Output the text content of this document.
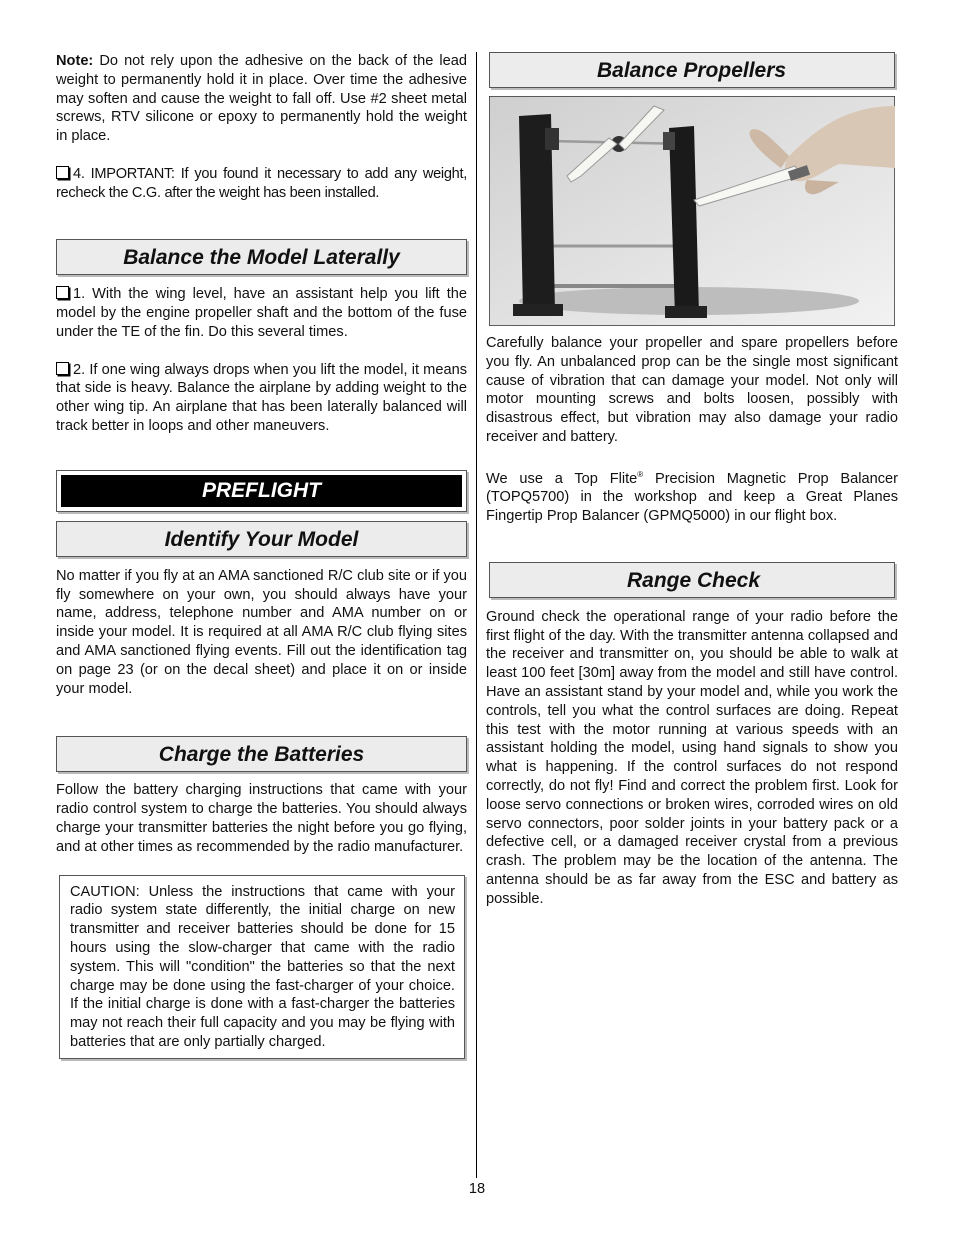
Note: Do not rely upon the adhesive on the back of the lead weight to permanently hold it in place. Over time the adhesive may soften and cause the weight to fall off. Use #2 sheet metal screws, RTV silicone or epoxy to permanently hold the weight in place.

4. IMPORTANT: If you found it necessary to add any weight, recheck the C.G. after the weight has been installed.

Balance the Model Laterally

1. With the wing level, have an assistant help you lift the model by the engine propeller shaft and the bottom of the fuse under the TE of the fin. Do this several times.

2. If one wing always drops when you lift the model, it means that side is heavy. Balance the airplane by adding weight to the other wing tip. An airplane that has been laterally balanced will track better in loops and other maneuvers.

PREFLIGHT
Identify Your Model

No matter if you fly at an AMA sanctioned R/C club site or if you fly somewhere on your own, you should always have your name, address, telephone number and AMA number on or inside your model. It is required at all AMA R/C club flying sites and AMA sanctioned flying events. Fill out the identification tag on page 23 (or on the decal sheet) and place it on or inside your model.

Charge the Batteries

Follow the battery charging instructions that came with your radio control system to charge the batteries. You should always charge your transmitter batteries the night before you go flying, and at other times as recommended by the radio manufacturer.

CAUTION: Unless the instructions that came with your radio system state differently, the initial charge on new transmitter and receiver batteries should be done for 15 hours using the slow-charger that came with the radio system. This will "condition" the batteries so that the next charge may be done using the fast-charger of your choice. If the initial charge is done with a fast-charger the batteries may not reach their full capacity and you may be flying with batteries that are only partially charged.

Balance Propellers

Carefully balance your propeller and spare propellers before you fly. An unbalanced prop can be the single most significant cause of vibration that can damage your model. Not only will motor mounting screws and bolts loosen, possibly with disastrous effect, but vibration may also damage your radio receiver and battery.

We use a Top Flite® Precision Magnetic Prop Balancer (TOPQ5700) in the workshop and keep a Great Planes Fingertip Prop Balancer (GPMQ5000) in our flight box.

Range Check

Ground check the operational range of your radio before the first flight of the day. With the transmitter antenna collapsed and the receiver and transmitter on, you should be able to walk at least 100 feet [30m] away from the model and still have control. Have an assistant stand by your model and, while you work the controls, tell you what the control surfaces are doing. Repeat this test with the motor running at various speeds with an assistant holding the model, using hand signals to show you what is happening. If the control surfaces do not respond correctly, do not fly! Find and correct the problem first. Look for loose servo connections or broken wires, corroded wires on old servo connectors, poor solder joints in your battery pack or a defective cell, or a damaged receiver crystal from a previous crash. The problem may be the location of the antenna. The antenna should be as far away from the ESC and battery as possible.

18
